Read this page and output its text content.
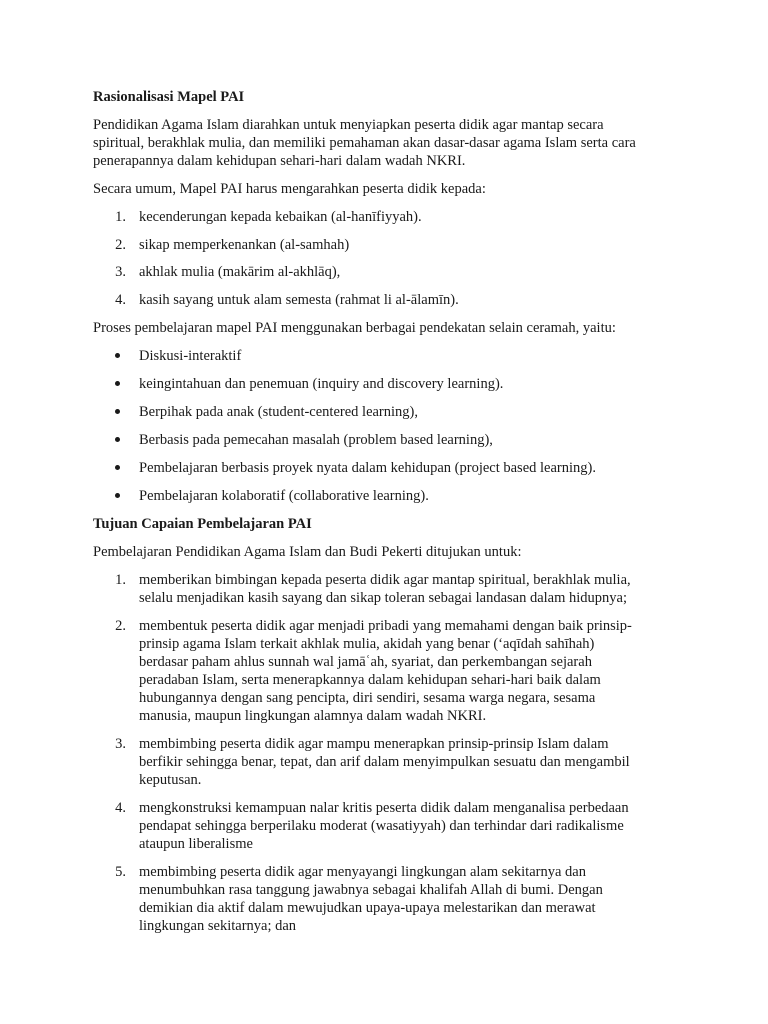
Rasionalisasi Mapel PAI
Pendidikan Agama Islam diarahkan untuk menyiapkan peserta didik agar mantap secara
spiritual, berakhlak mulia, dan memiliki pemahaman akan dasar-dasar agama Islam serta cara
penerapannya dalam kehidupan sehari-hari dalam wadah NKRI.
Secara umum, Mapel PAI harus mengarahkan peserta didik kepada:
1. kecenderungan kepada kebaikan (al-hanīfiyyah).
2. sikap memperkenankan (al-samhah)
3. akhlak mulia (makārim al-akhlāq),
4. kasih sayang untuk alam semesta (rahmat li al-ālamīn).
Proses pembelajaran mapel PAI menggunakan berbagai pendekatan selain ceramah, yaitu:
Diskusi-interaktif
keingintahuan dan penemuan (inquiry and discovery learning).
Berpihak pada anak (student-centered learning),
Berbasis pada pemecahan masalah (problem based learning),
Pembelajaran berbasis proyek nyata dalam kehidupan (project based learning).
Pembelajaran kolaboratif (collaborative learning).
Tujuan Capaian Pembelajaran PAI
Pembelajaran Pendidikan Agama Islam dan Budi Pekerti ditujukan untuk:
1. memberikan bimbingan kepada peserta didik agar mantap spiritual, berakhlak mulia,
selalu menjadikan kasih sayang dan sikap toleran sebagai landasan dalam hidupnya;
2. membentuk peserta didik agar menjadi pribadi yang memahami dengan baik prinsip-
prinsip agama Islam terkait akhlak mulia, akidah yang benar (‘aqīdah sahīhah)
berdasar paham ahlus sunnah wal jamāʿah, syariat, dan perkembangan sejarah
peradaban Islam, serta menerapkannya dalam kehidupan sehari-hari baik dalam
hubungannya dengan sang pencipta, diri sendiri, sesama warga negara, sesama
manusia, maupun lingkungan alamnya dalam wadah NKRI.
3. membimbing peserta didik agar mampu menerapkan prinsip-prinsip Islam dalam
berfikir sehingga benar, tepat, dan arif dalam menyimpulkan sesuatu dan mengambil
keputusan.
4. mengkonstruksi kemampuan nalar kritis peserta didik dalam menganalisa perbedaan
pendapat sehingga berperilaku moderat (wasatiyyah) dan terhindar dari radikalisme
ataupun liberalisme
5. membimbing peserta didik agar menyayangi lingkungan alam sekitarnya dan
menumbuhkan rasa tanggung jawabnya sebagai khalifah Allah di bumi. Dengan
demikian dia aktif dalam mewujudkan upaya-upaya melestarikan dan merawat
lingkungan sekitarnya; dan
